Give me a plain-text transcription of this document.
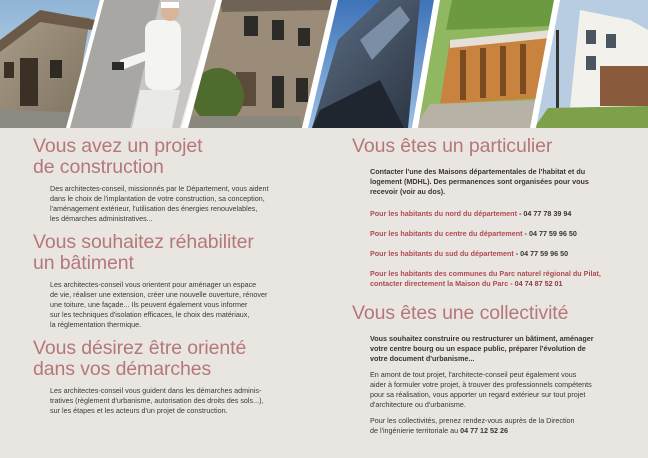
Vous avez un projet
de construction
Des architectes-conseil, missionnés par le Département, vous aident
dans le choix de l'implantation de votre construction, sa conception,
l'aménagement extérieur, l'utilisation des énergies renouvelables,
les démarches administratives...
Vous souhaitez réhabiliter
un bâtiment
Les architectes-conseil vous orientent pour aménager un espace
de vie, réaliser une extension, créer une nouvelle ouverture, rénover
une toiture, une façade... Ils peuvent également vous informer
sur les techniques d'isolation efficaces, le choix des matériaux,
la réglementation thermique.
Vous désirez être orienté
dans vos démarches
Les architectes-conseil vous guident dans les démarches adminis-
tratives (règlement d'urbanisme, autorisation des droits des sols...),
sur les étapes et les acteurs d'un projet de construction.
Vous êtes un particulier
Contacter l'une des Maisons départementales de l'habitat et du
logement (MDHL). Des permanences sont organisées pour vous
recevoir (voir au dos).
Pour les habitants du nord du département - 04 77 78 39 94
Pour les habitants du centre du département - 04 77 59 96 50
Pour les habitants du sud du département - 04 77 59 96 50
Pour les habitants des communes du Parc naturel régional du Pilat,
contacter directement la Maison du Parc - 04 74 87 52 01
Vous êtes une collectivité
Vous souhaitez construire ou restructurer un bâtiment, aménager
votre centre bourg ou un espace public, préparer l'évolution de
votre document d'urbanisme...
En amont de tout projet, l'architecte-conseil peut également vous
aider à formuler votre projet, à trouver des professionnels compétents
pour sa réalisation, vous apporter un regard extérieur sur tout projet
d'architecture ou d'urbanisme.
Pour les collectivités, prenez rendez-vous auprès de la Direction
de l'ingénierie territoriale au 04 77 12 52 26
